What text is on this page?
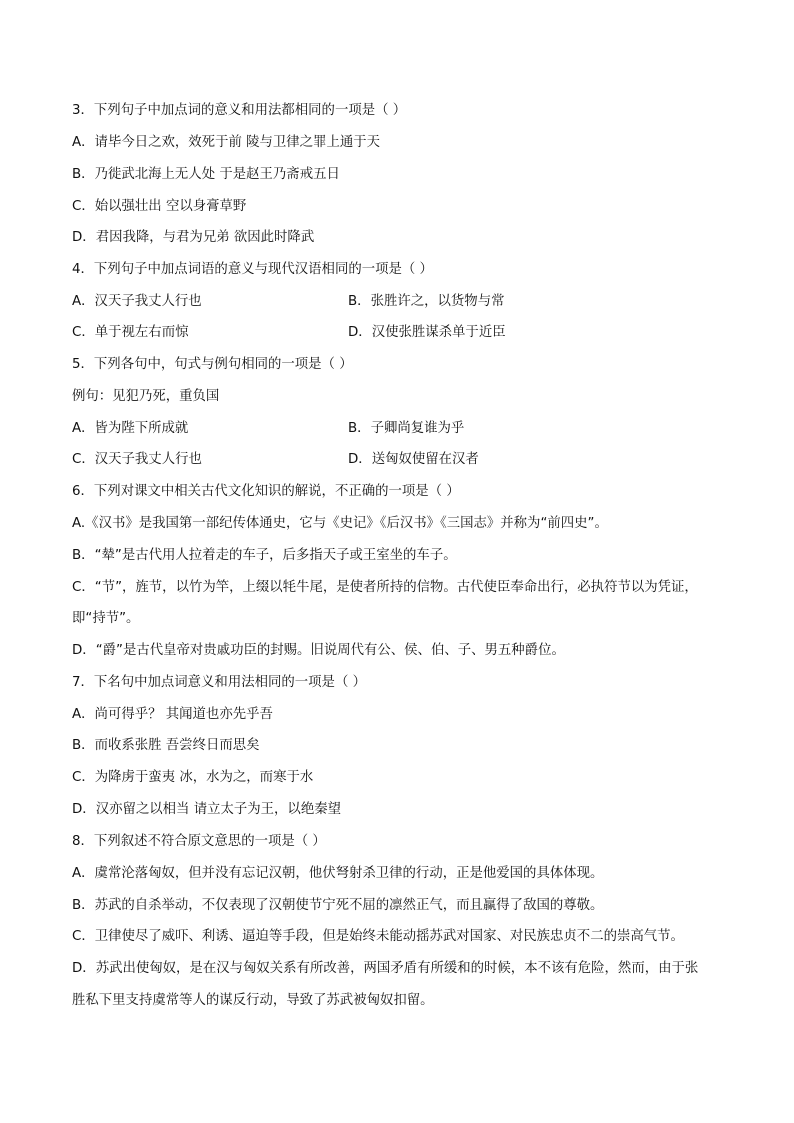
3．下列句子中加点词的意义和用法都相同的一项是（ ）
A．请毕今日之欢，效死于前 陵与卫律之罪上通于天
B．乃徙武北海上无人处 于是赵王乃斋戒五日
C．始以强壮出 空以身膏草野
D．君因我降，与君为兄弟 欲因此时降武
4．下列句子中加点词语的意义与现代汉语相同的一项是（ ）
A．汉天子我丈人行也	B．张胜许之，以货物与常
C．单于视左右而惊	D．汉使张胜谋杀单于近臣
5．下列各句中，句式与例句相同的一项是（ ）
例句：见犯乃死，重负国
A．皆为陛下所成就	B．子卿尚复谁为乎
C．汉天子我丈人行也	D．送匈奴使留在汉者
6．下列对课文中相关古代文化知识的解说，不正确的一项是（ ）
A.《汉书》是我国第一部纪传体通史，它与《史记》《后汉书》《三国志》并称为“前四史”。
B．“辇”是古代用人拉着走的车子，后多指天子或王室坐的车子。
C．“节”，旌节，以竹为竿，上缀以牦牛尾，是使者所持的信物。古代使臣奉命出行，必执符节以为凭证，
即“持节”。
D．“爵”是古代皇帝对贵戚功臣的封赐。旧说周代有公、侯、伯、子、男五种爵位。
7．下名句中加点词意义和用法相同的一项是（ ）
A．尚可得乎？ 其闻道也亦先乎吾
B．而收系张胜 吾尝终日而思矣
C．为降虏于蛮夷 冰，水为之，而寒于水
D．汉亦留之以相当 请立太子为王，以绝秦望
8．下列叙述不符合原文意思的一项是（ ）
A．虞常沦落匈奴，但并没有忘记汉朝，他伏弩射杀卫律的行动，正是他爱国的具体体现。
B．苏武的自杀举动，不仅表现了汉朝使节宁死不屈的凛然正气，而且赢得了敌国的尊敬。
C．卫律使尽了威吓、利诱、逼迫等手段，但是始终未能动摇苏武对国家、对民族忠贞不二的崇高气节。
D．苏武出使匈奴，是在汉与匈奴关系有所改善，两国矛盾有所缓和的时候，本不该有危险，然而，由于张
胜私下里支持虞常等人的谋反行动，导致了苏武被匈奴扣留。
